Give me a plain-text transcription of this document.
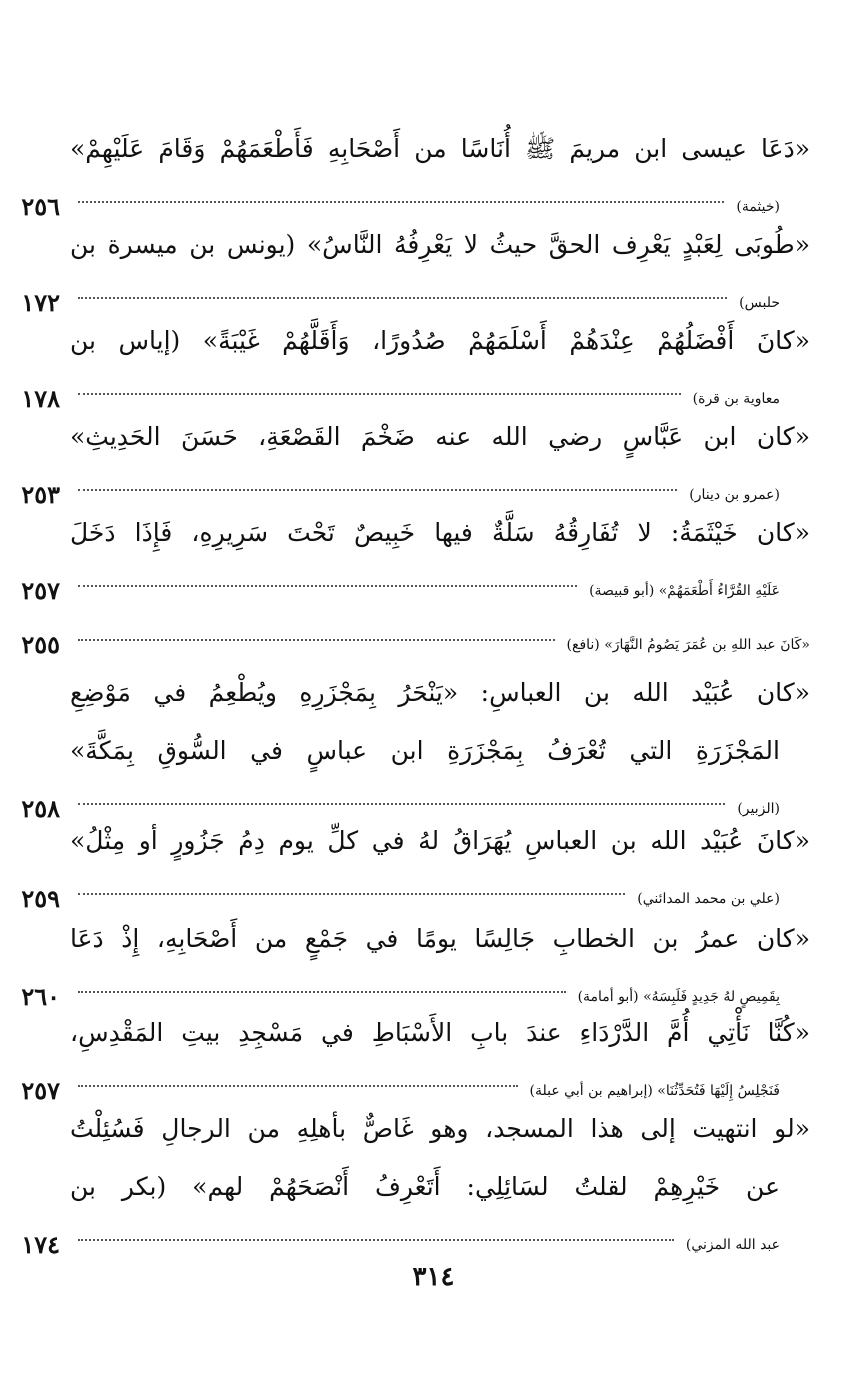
«دَعَا عيسى ابن مريمَ ﷺ أُنَاسًا من أَصْحَابِهِ فَأَطْعَمَهُمْ وَقَامَ عَلَيْهِمْ»
(خيثمة)
٢٥٦
«طُوبَى لِعَبْدٍ يَعْرِف الحقَّ حيثُ لا يَعْرِفُهُ النَّاسُ» (يونس بن ميسرة بن
حلبس)
١٧٢
«كانَ أَفْضَلُهُمْ عِنْدَهُمْ أَسْلَمَهُمْ صُدُورًا، وَأَقَلَّهُمْ غَيْبَةً» (إياس بن
معاوية بن قرة)
١٧٨
«كان ابن عَبَّاسٍ رضي الله عنه ضَخْمَ القَصْعَةِ، حَسَنَ الحَدِيثِ»
(عمرو بن دينار)
٢٥٣
«كان خَيْثَمَةُ: لا تُفَارِقُهُ سَلَّةٌ فيها خَبِيصٌ تَحْتَ سَرِيرِهِ، فَإِذَا دَخَلَ
عَلَيْهِ القُرَّاءُ أَطْعَمَهُمْ» (أبو قبيصة)
٢٥٧
«كَانَ عبد اللهِ بن عُمَرَ يَصُومُ النَّهَارَ» (نافع)
٢٥٥
«كان عُبَيْد الله بن العباسِ: «يَنْحَرُ بِمَجْزَرِهِ ويُطْعِمُ في مَوْضِعِ
المَجْزَرَةِ التي تُعْرَفُ بِمَجْزَرَةِ ابن عباسٍ في السُّوقِ بِمَكَّةَ»
(الزبير)
٢٥٨
«كانَ عُبَيْد الله بن العباسِ يُهَرَاقُ لهُ في كلِّ يوم دِمُ جَزُورٍ أو مِثْلُ»
(علي بن محمد المدائني)
٢٥٩
«كان عمرُ بن الخطابِ جَالِسًا يومًا في جَمْعٍ من أَصْحَابِهِ، إِذْ دَعَا
بِقَمِيصٍ لهُ جَدِيدٍ فَلَبِسَهُ» (أبو أمامة)
٢٦٠
«كُنَّا نَأْتِي أُمَّ الدَّرْدَاءِ عندَ بابِ الأَسْبَاطِ في مَسْجِدِ بيتِ المَقْدِسِ،
فَنَجْلِسُ إِلَيْهَا فَتُحَدِّثُنَا» (إبراهيم بن أبي عبلة)
٢٥٧
«لو انتهيت إلى هذا المسجد، وهو غَاصٌّ بأهلِهِ من الرجالِ فَسُئِلْتُ
عن خَيْرِهِمْ لقلتُ لسَائِلِي: أَتَعْرِفُ أَنْصَحَهُمْ لهم» (بكر بن
عبد الله المزني)
١٧٤
٣١٤
